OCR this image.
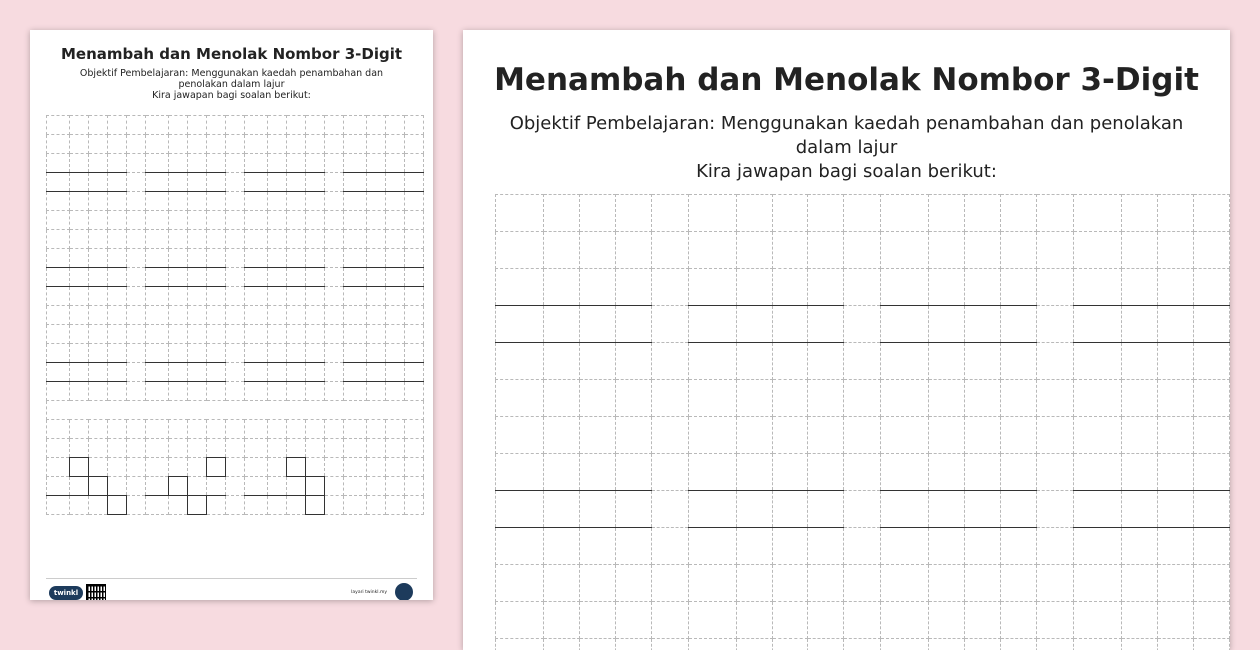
Menambah dan Menolak Nombor 3-Digit

Objektif Pembelajaran: Menggunakan kaedah penambahan dan penolakan dalam lajur

Kira jawapan bagi soalan berikut:

twinkl	layari twinkl.my

Menambah dan Menolak Nombor 3-Digit

Objektif Pembelajaran: Menggunakan kaedah penambahan dan penolakan dalam lajur

Kira jawapan bagi soalan berikut:
